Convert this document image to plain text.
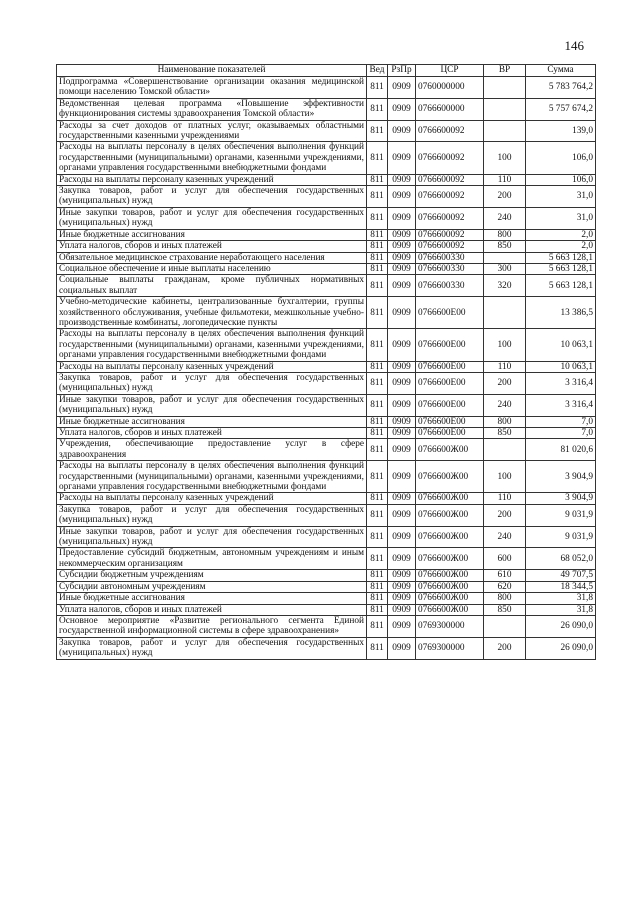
146
Наименование показателей	Вед	РзПр	ЦСР	ВР	Сумма
Подпрограмма «Совершенствование организации оказания медицинской помощи населению Томской области»	811	0909	0760000000		5 783 764,2
Ведомственная целевая программа «Повышение эффективности функционирования системы здравоохранения Томской области»	811	0909	0766600000		5 757 674,2
Расходы за счет доходов от платных услуг, оказываемых областными государственными казенными учреждениями	811	0909	0766600092		139,0
Расходы на выплаты персоналу в целях обеспечения выполнения функций государственными (муниципальными) органами, казенными учреждениями, органами управления государственными внебюджетными фондами	811	0909	0766600092	100	106,0
Расходы на выплаты персоналу казенных учреждений	811	0909	0766600092	110	106,0
Закупка товаров, работ и услуг для обеспечения государственных (муниципальных) нужд	811	0909	0766600092	200	31,0
Иные закупки товаров, работ и услуг для обеспечения государственных (муниципальных) нужд	811	0909	0766600092	240	31,0
Иные бюджетные ассигнования	811	0909	0766600092	800	2,0
Уплата налогов, сборов и иных платежей	811	0909	0766600092	850	2,0
Обязательное медицинское страхование неработающего населения	811	0909	0766600330		5 663 128,1
Социальное обеспечение и иные выплаты населению	811	0909	0766600330	300	5 663 128,1
Социальные выплаты гражданам, кроме публичных нормативных социальных выплат	811	0909	0766600330	320	5 663 128,1
Учебно-методические кабинеты, централизованные бухгалтерии, группы хозяйственного обслуживания, учебные фильмотеки, межшкольные учебно-производственные комбинаты, логопедические пункты	811	0909	0766600Е00		13 386,5
Расходы на выплаты персоналу в целях обеспечения выполнения функций государственными (муниципальными) органами, казенными учреждениями, органами управления государственными внебюджетными фондами	811	0909	0766600Е00	100	10 063,1
Расходы на выплаты персоналу казенных учреждений	811	0909	0766600Е00	110	10 063,1
Закупка товаров, работ и услуг для обеспечения государственных (муниципальных) нужд	811	0909	0766600Е00	200	3 316,4
Иные закупки товаров, работ и услуг для обеспечения государственных (муниципальных) нужд	811	0909	0766600Е00	240	3 316,4
Иные бюджетные ассигнования	811	0909	0766600Е00	800	7,0
Уплата налогов, сборов и иных платежей	811	0909	0766600Е00	850	7,0
Учреждения, обеспечивающие предоставление услуг в сфере здравоохранения	811	0909	0766600Ж00		81 020,6
Расходы на выплаты персоналу в целях обеспечения выполнения функций государственными (муниципальными) органами, казенными учреждениями, органами управления государственными внебюджетными фондами	811	0909	0766600Ж00	100	3 904,9
Расходы на выплаты персоналу казенных учреждений	811	0909	0766600Ж00	110	3 904,9
Закупка товаров, работ и услуг для обеспечения государственных (муниципальных) нужд	811	0909	0766600Ж00	200	9 031,9
Иные закупки товаров, работ и услуг для обеспечения государственных (муниципальных) нужд	811	0909	0766600Ж00	240	9 031,9
Предоставление субсидий бюджетным, автономным учреждениям и иным некоммерческим организациям	811	0909	0766600Ж00	600	68 052,0
Субсидии бюджетным учреждениям	811	0909	0766600Ж00	610	49 707,5
Субсидии автономным учреждениям	811	0909	0766600Ж00	620	18 344,5
Иные бюджетные ассигнования	811	0909	0766600Ж00	800	31,8
Уплата налогов, сборов и иных платежей	811	0909	0766600Ж00	850	31,8
Основное мероприятие «Развитие регионального сегмента Единой государственной информационной системы в сфере здравоохранения»	811	0909	0769300000		26 090,0
Закупка товаров, работ и услуг для обеспечения государственных (муниципальных) нужд	811	0909	0769300000	200	26 090,0
